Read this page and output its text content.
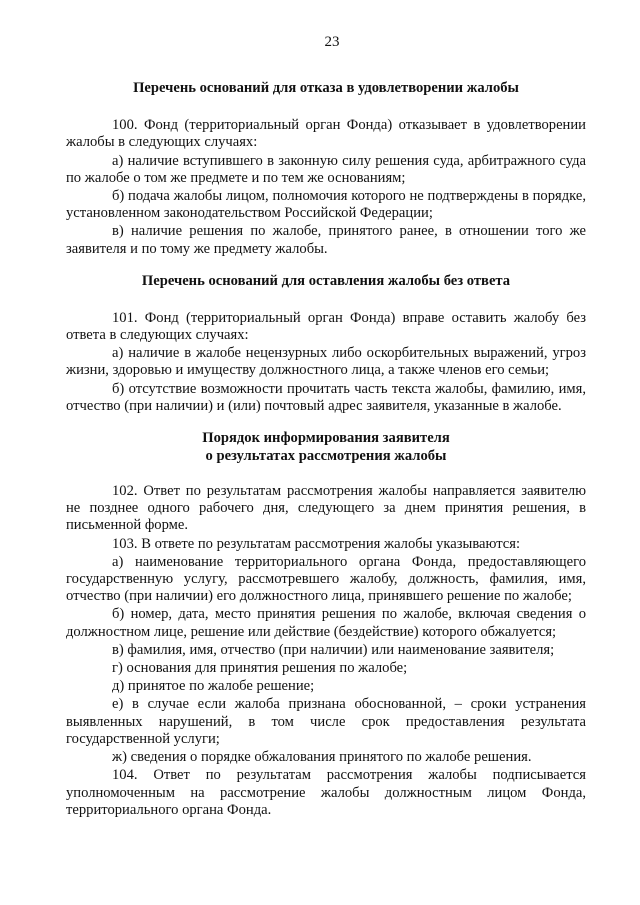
23
Перечень оснований для отказа в удовлетворении жалобы

100. Фонд (территориальный орган Фонда) отказывает в удовлетворении жалобы в следующих случаях:

а) наличие вступившего в законную силу решения суда, арбитражного суда по жалобе о том же предмете и по тем же основаниям;

б) подача жалобы лицом, полномочия которого не подтверждены в порядке, установленном законодательством Российской Федерации;

в) наличие решения по жалобе, принятого ранее, в отношении того же заявителя и по тому же предмету жалобы.

Перечень оснований для оставления жалобы без ответа

101. Фонд (территориальный орган Фонда) вправе оставить жалобу без ответа в следующих случаях:

а) наличие в жалобе нецензурных либо оскорбительных выражений, угроз жизни, здоровью и имуществу должностного лица, а также членов его семьи;

б) отсутствие возможности прочитать часть текста жалобы, фамилию, имя, отчество (при наличии) и (или) почтовый адрес заявителя, указанные в жалобе.

Порядок информирования заявителя
о результатах рассмотрения жалобы

102. Ответ по результатам рассмотрения жалобы направляется заявителю не позднее одного рабочего дня, следующего за днем принятия решения, в письменной форме.

103. В ответе по результатам рассмотрения жалобы указываются:

а) наименование территориального органа Фонда, предоставляющего государственную услугу, рассмотревшего жалобу, должность, фамилия, имя, отчество (при наличии) его должностного лица, принявшего решение по жалобе;

б) номер, дата, место принятия решения по жалобе, включая сведения о должностном лице, решение или действие (бездействие) которого обжалуется;

в) фамилия, имя, отчество (при наличии) или наименование заявителя;

г) основания для принятия решения по жалобе;

д) принятое по жалобе решение;

е) в случае если жалоба признана обоснованной, – сроки устранения выявленных нарушений, в том числе срок предоставления результата государственной услуги;

ж) сведения о порядке обжалования принятого по жалобе решения.

104. Ответ по результатам рассмотрения жалобы подписывается уполномоченным на рассмотрение жалобы должностным лицом Фонда, территориального органа Фонда.
